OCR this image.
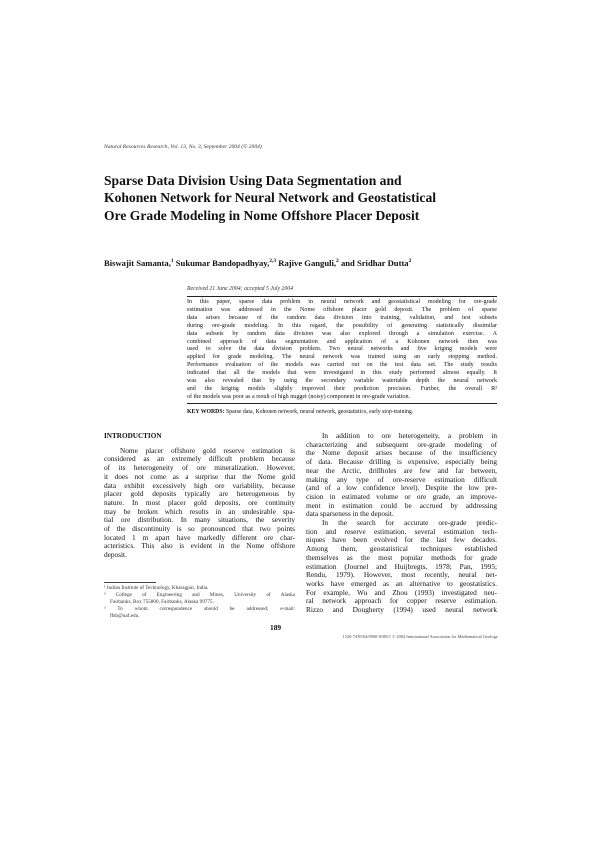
Natural Resources Research, Vol. 13, No. 3, September 2004 (© 2004)
Sparse Data Division Using Data Segmentation and
Kohonen Network for Neural Network and Geostatistical
Ore Grade Modeling in Nome Offshore Placer Deposit
Biswajit Samanta,$^1$ Sukumar Bandopadhyay,$^{2,3}$ Rajive Ganguli,$^2$ and Sridhar Dutta$^2$
Received 21 June 2004; accepted 5 July 2004
In this paper, sparse data problem in neural network and geostatistical modeling for ore-grade
estimation was addressed in the Nome offshore placer gold deposit. The problem of sparse
data arises because of the random data division into training, validation, and test subsets
during ore-grade modeling. In this regard, the possibility of generating statistically dissimilar
data subsets by random data division was also explored through a simulation exercise. A
combined approach of data segmentation and application of a Kohonen network then was
used to solve the data division problem. Two neural networks and five kriging models were
applied for grade modeling. The neural network was trained using an early stopping method.
Performance evaluation of the models was carried out on the test data set. The study results
indicated that all the models that were investigated in this study performed almost equally. It
was also revealed that by using the secondary variable watertable depth the neural network
and the kriging models slightly improved their prediction precision. Further, the overall R²
of the models was poor as a result of high nugget (noisy) component in ore-grade variation.
KEY WORDS: Sparse data, Kohonen network, neural network, geostatistics, early stop-training.
INTRODUCTION
Nome placer offshore gold reserve estimation is
considered as an extremely difficult problem because
of its heterogeneity of ore mineralization. However,
it does not come as a surprise that the Nome gold
data exhibit excessively high ore variability, because
placer gold deposits typically are heterogeneous by
nature. In most placer gold deposits, ore continuity
may be broken which results in an undesirable spa-
tial ore distribution. In many situations, the severity
of the discontinuity is so pronounced that two points
located 1 m apart have markedly different ore char-
acteristics. This also is evident in the Nome offshore
deposit.
In addition to ore heterogeneity, a problem in
characterizing and subsequent ore-grade modeling of
the Nome deposit arises because of the insufficiency
of data. Because drilling is expensive, especially being
near the Arctic, drillholes are few and far between,
making any type of ore-reserve estimation difficult
(and of a low confidence level). Despite the low pre-
cision in estimated volume or ore grade, an improve-
ment in estimation could be accrued by addressing
data sparseness in the deposit.
In the search for accurate ore-grade predic-
tion and reserve estimation, several estimation tech-
niques have been evolved for the last few decades.
Among them, geostatistical techniques established
themselves as the most popular methods for grade
estimation (Journel and Huijbregts, 1978; Pan, 1995;
Rendu, 1979). However, most recently, neural net-
works have emerged as an alternative to geostatistics.
For example, Wu and Zhou (1993) investigated neu-
ral network approach for copper reserve estimation.
Rizzo and Dougherty (1994) used neural network
¹ Indian Institute of Technology, Kharagpur, India.
² College of Engineering and Mines, University of Alaska
Fairbanks, Box 755800, Fairbanks, Alaska 99775.
³ To whom correspondence should be addressed; e-mail:
ffsb@uaf.edu.
189
1520-7439/04/0900-0189/1 © 2004 International Association for Mathematical Geology
